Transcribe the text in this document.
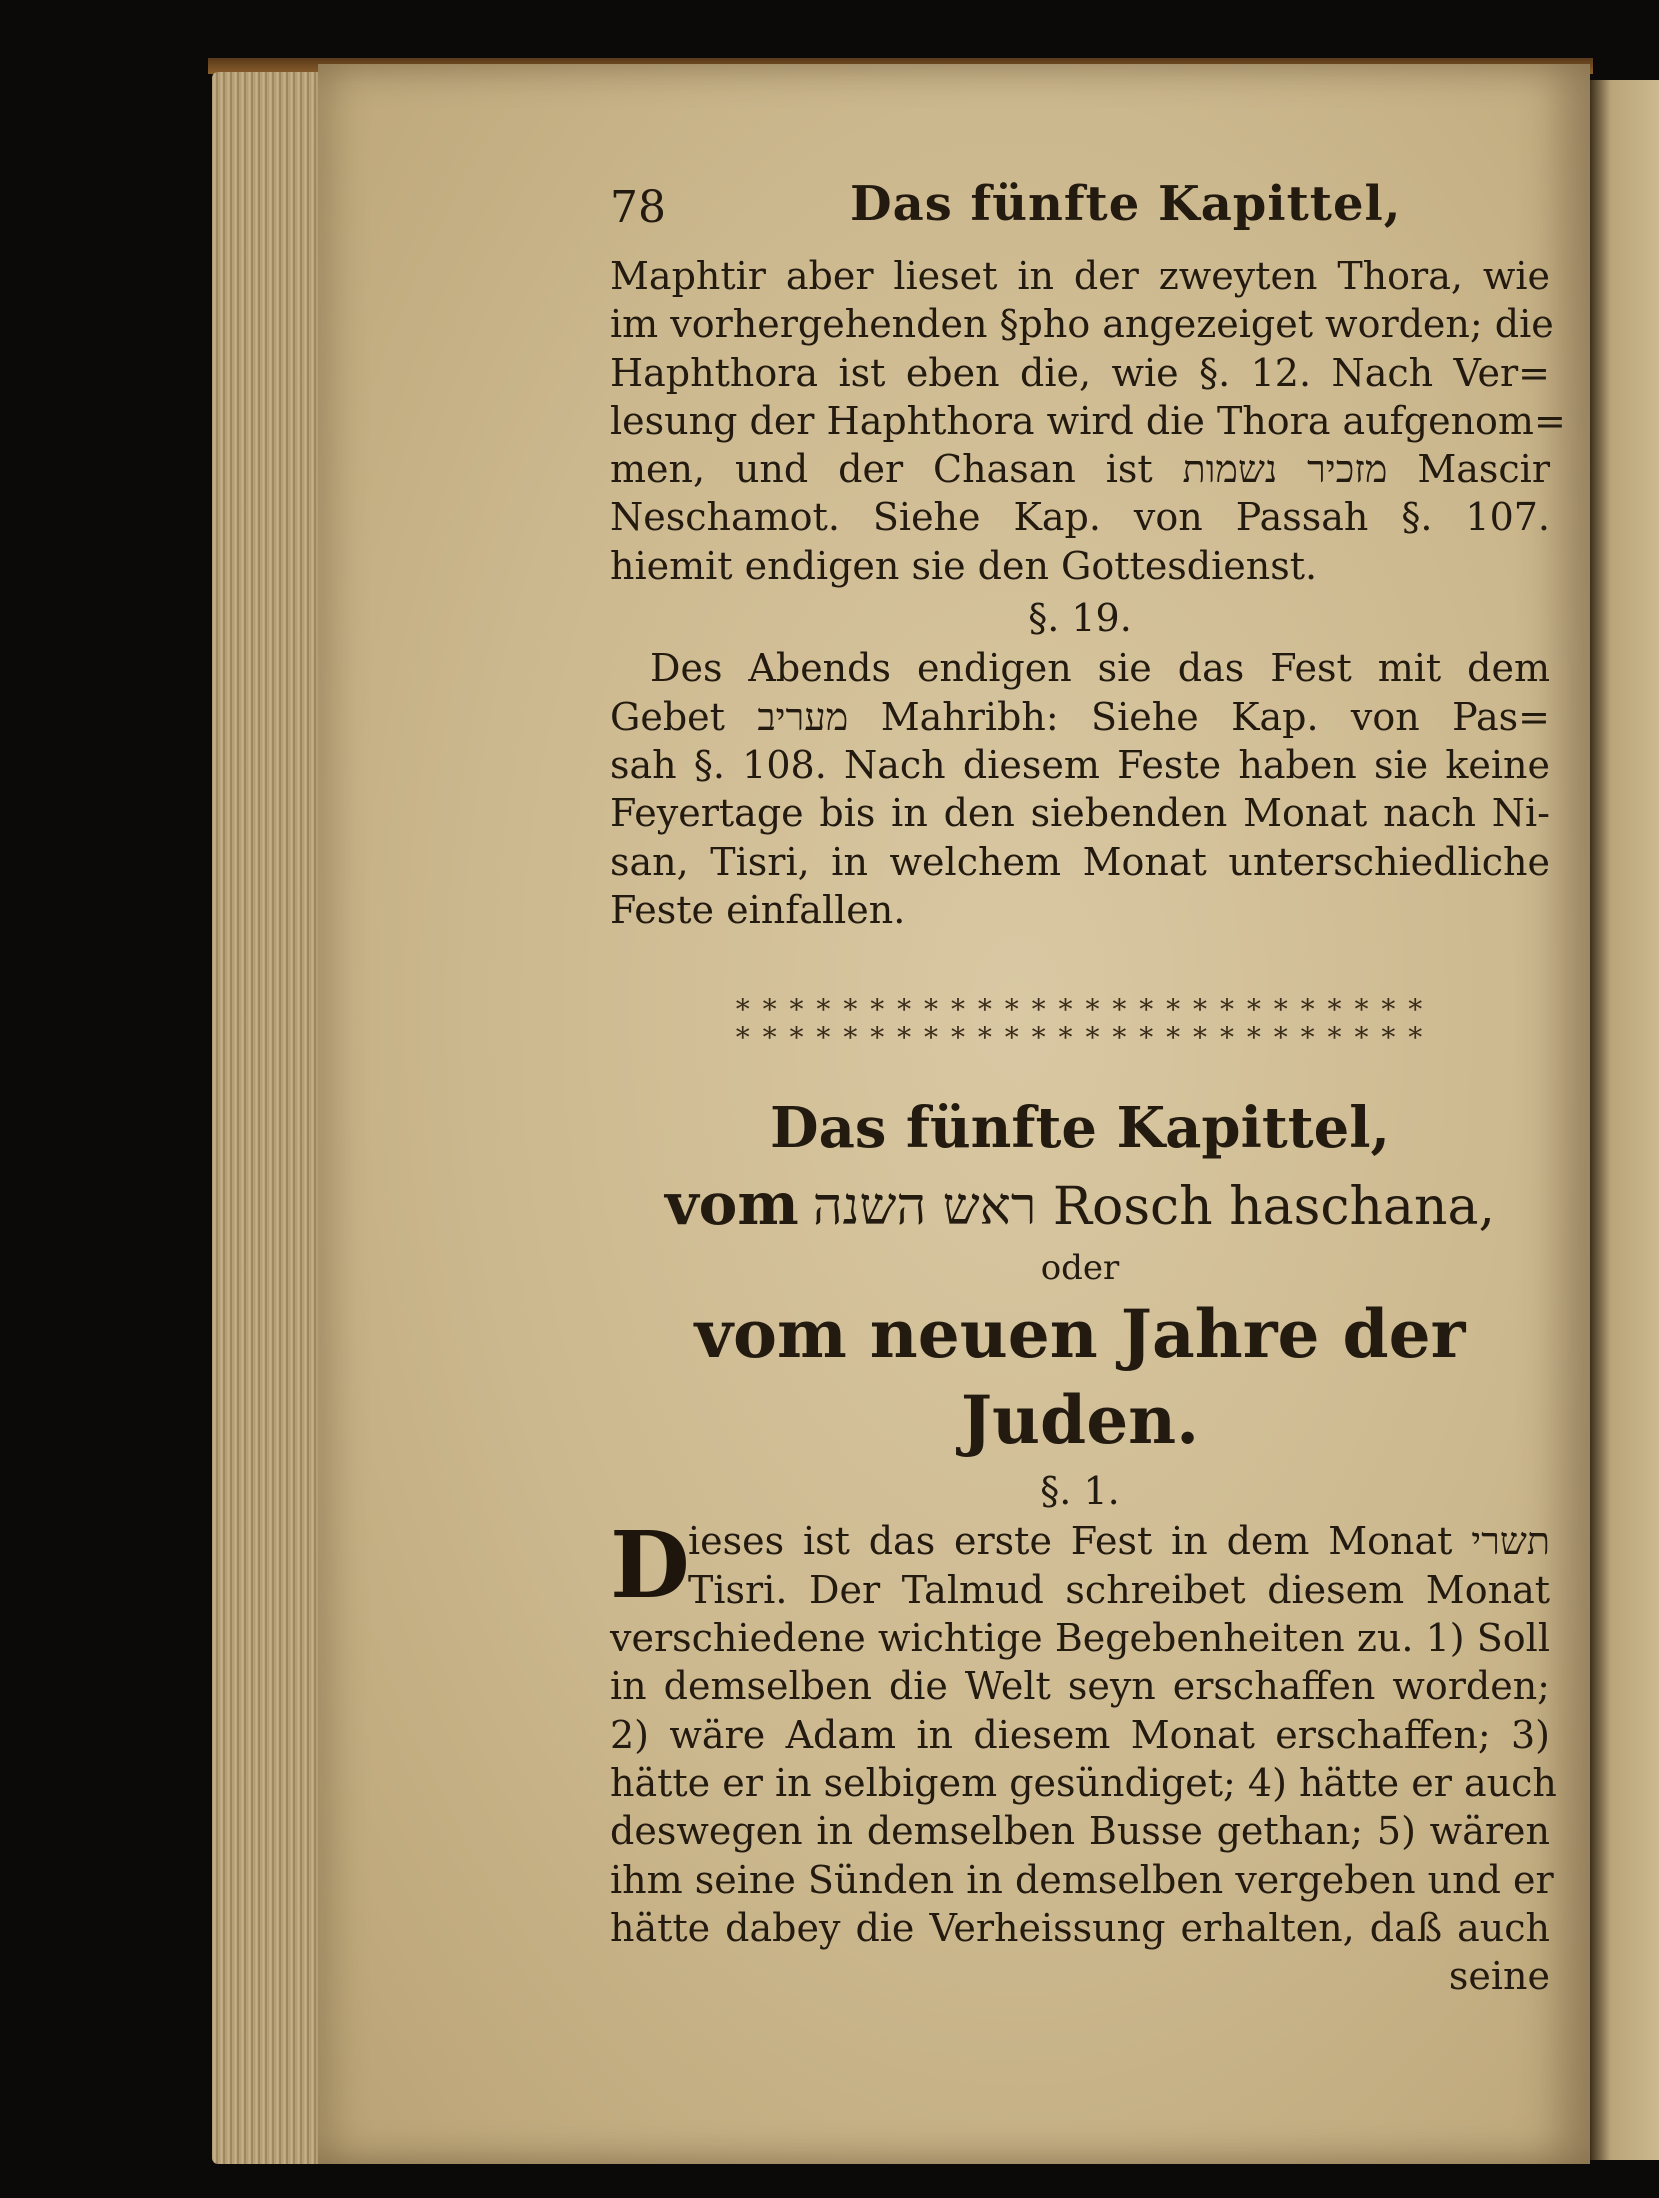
78	Das fünfte Kapittel,
Maphtir aber lieset in der zweyten Thora, wie
im vorhergehenden §pho angezeiget worden; die
Haphthora ist eben die, wie §. 12. Nach Ver=
lesung der Haphthora wird die Thora aufgenom=
men, und der Chasan ist מזכיר נשמות Mascir
Neschamot. Siehe Kap. von Passah §. 107.
hiemit endigen sie den Gottesdienst.
§. 19.
Des Abends endigen sie das Fest mit dem
Gebet מעריב Mahribh: Siehe Kap. von Pas=
sah §. 108. Nach diesem Feste haben sie keine
Feyertage bis in den siebenden Monat nach Ni-
san, Tisri, in welchem Monat unterschiedliche
Feste einfallen.
* * * * * * * * * * * * * * * * * * * * * * * * * *
* * * * * * * * * * * * * * * * * * * * * * * * * *
Das fünfte Kapittel,
vom ראש השנה Rosch haschana,
oder
vom neuen Jahre der Juden.
§. 1.
D
ieses ist das erste Fest in dem Monat תשרי
Tisri. Der Talmud schreibet diesem Monat
verschiedene wichtige Begebenheiten zu. 1) Soll
in demselben die Welt seyn erschaffen worden;
2) wäre Adam in diesem Monat erschaffen; 3)
hätte er in selbigem gesündiget; 4) hätte er auch
deswegen in demselben Busse gethan; 5) wären
ihm seine Sünden in demselben vergeben und er
hätte dabey die Verheissung erhalten, daß auch
seine
